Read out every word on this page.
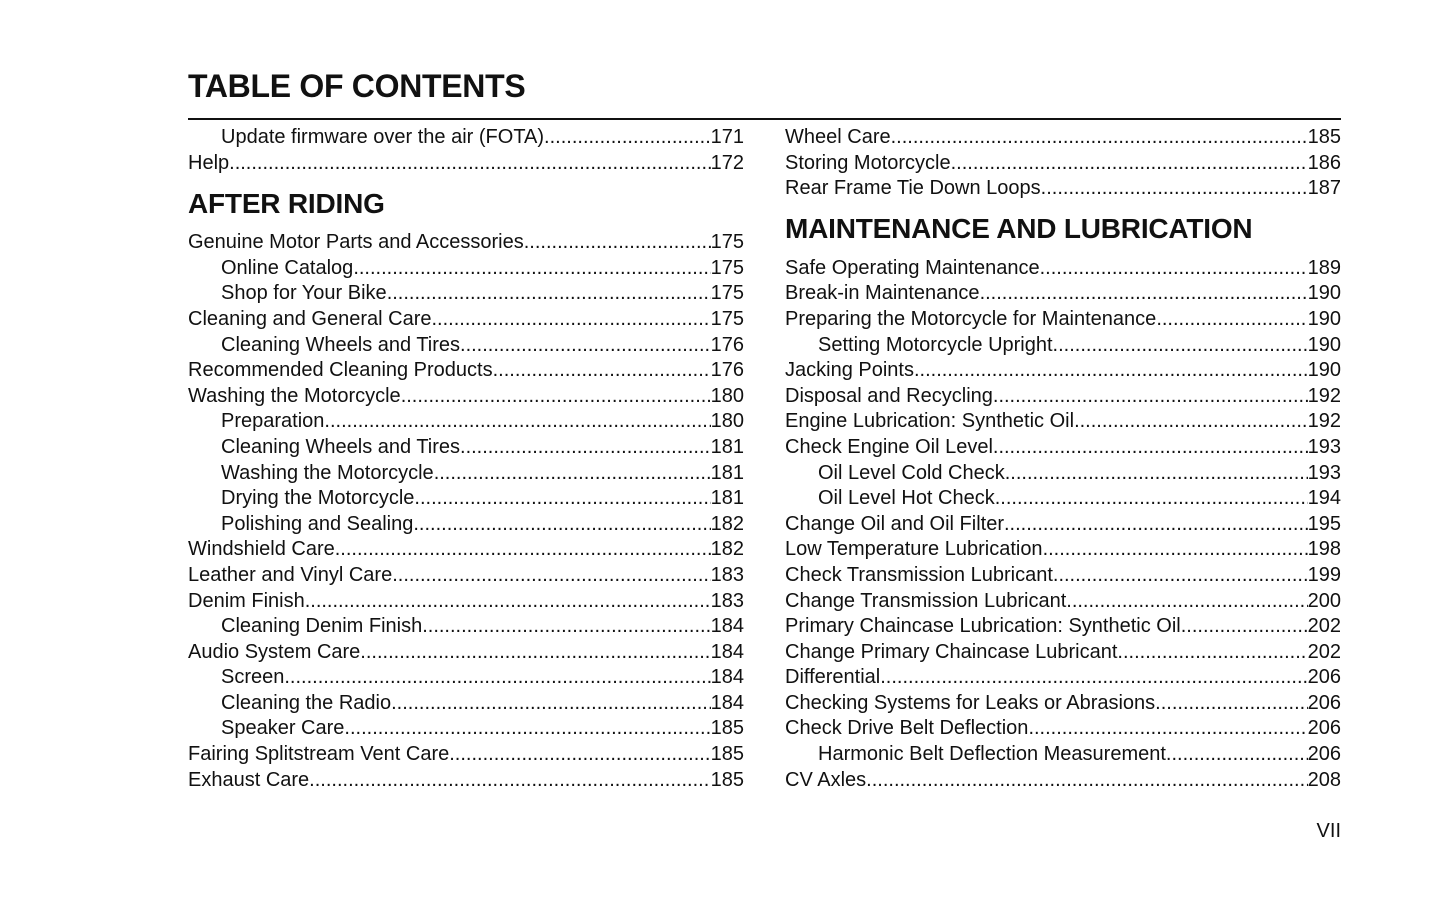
TABLE OF CONTENTS
Update firmware over the air (FOTA) .....	171
Help .....	172
AFTER RIDING
Genuine Motor Parts and Accessories .....	175
Online Catalog .....	175
Shop for Your Bike .....	175
Cleaning and General Care .....	175
Cleaning Wheels and Tires .....	176
Recommended Cleaning Products .....	176
Washing the Motorcycle .....	180
Preparation .....	180
Cleaning Wheels and Tires .....	181
Washing the Motorcycle .....	181
Drying the Motorcycle .....	181
Polishing and Sealing .....	182
Windshield Care .....	182
Leather and Vinyl Care .....	183
Denim Finish .....	183
Cleaning Denim Finish .....	184
Audio System Care .....	184
Screen .....	184
Cleaning the Radio .....	184
Speaker Care .....	185
Fairing Splitstream Vent Care .....	185
Exhaust Care .....	185
Wheel Care .....	185
Storing Motorcycle .....	186
Rear Frame Tie Down Loops .....	187
MAINTENANCE AND LUBRICATION
Safe Operating Maintenance .....	189
Break-in Maintenance .....	190
Preparing the Motorcycle for Maintenance .....	190
Setting Motorcycle Upright .....	190
Jacking Points .....	190
Disposal and Recycling .....	192
Engine Lubrication: Synthetic Oil .....	192
Check Engine Oil Level .....	193
Oil Level Cold Check .....	193
Oil Level Hot Check .....	194
Change Oil and Oil Filter .....	195
Low Temperature Lubrication .....	198
Check Transmission Lubricant .....	199
Change Transmission Lubricant .....	200
Primary Chaincase Lubrication: Synthetic Oil .....	202
Change Primary Chaincase Lubricant .....	202
Differential .....	206
Checking Systems for Leaks or Abrasions .....	206
Check Drive Belt Deflection .....	206
Harmonic Belt Deflection Measurement .....	206
CV Axles .....	208
VII
